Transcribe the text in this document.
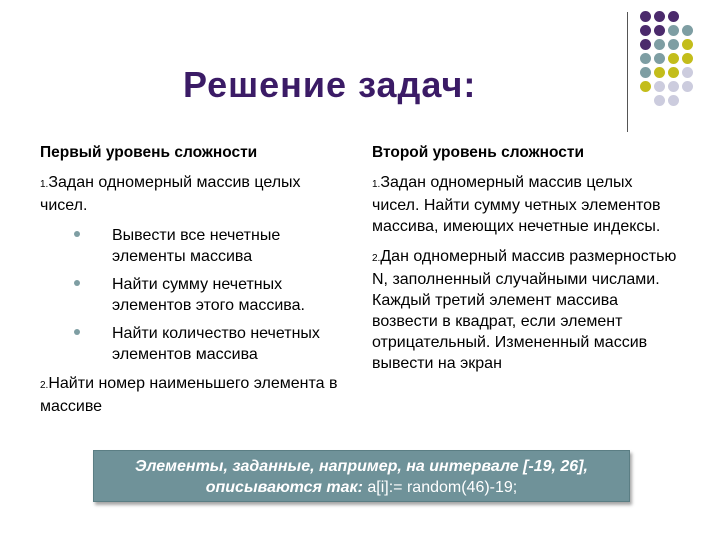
Решение задач:
Первый уровень сложности
1.Задан одномерный массив целых чисел.
Вывести все нечетные элементы массива
Найти сумму нечетных элементов этого массива.
Найти количество нечетных элементов массива
2.Найти номер наименьшего элемента в массиве
Второй уровень сложности
1.Задан одномерный массив целых чисел. Найти сумму четных элементов массива, имеющих нечетные индексы.
2.Дан одномерный массив размерностью N, заполненный случайными числами. Каждый третий элемент массива возвести в квадрат, если элемент отрицательный. Измененный массив вывести на экран
Элементы, заданные, например, на интервале [-19, 26],
описываются так: a[i]:= random(46)-19;
